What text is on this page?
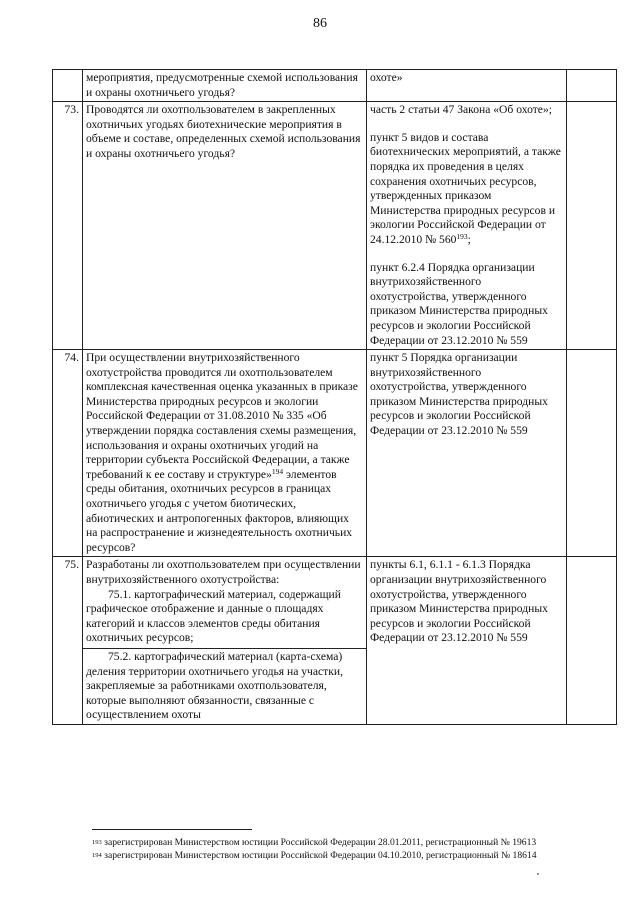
86
	мероприятия, предусмотренные схемой использования и охраны охотничьего угодья?	охоте»	
73.	Проводятся ли охотпользователем в закрепленных охотничьих угодьях биотехнические мероприятия в объеме и составе, определенных схемой использования и охраны охотничьего угодья?	часть 2 статьи 47 Закона «Об охоте»;
пункт 5 видов и состава биотехнических мероприятий, а также порядка их проведения в целях сохранения охотничьих ресурсов, утвержденных приказом Министерства природных ресурсов и экологии Российской Федерации от 24.12.2010 № $560^{193}$;
пункт 6.2.4 Порядка организации внутрихозяйственного охотустройства, утвержденного приказом Министерства природных ресурсов и экологии Российской Федерации от 23.12.2010 № 559	

74.	При осуществлении внутрихозяйственного охотустройства проводится ли охотпользователем комплексная качественная оценка указанных в приказе Министерства природных ресурсов и экологии Российской Федерации от 31.08.2010 № 335 «Об утверждении порядка составления схемы размещения, использования и охраны охотничьих угодий на территории субъекта Российской Федерации, а также требований к ее составу и структуре»$^{194}$ элементов среды обитания, охотничьих ресурсов в границах охотничьего угодья с учетом биотических, абиотических и антропогенных факторов, влияющих на распространение и жизнедеятельность охотничьих ресурсов?	пункт 5 Порядка организации внутрихозяйственного охотустройства, утвержденного приказом Министерства природных ресурсов и экологии Российской Федерации от 23.12.2010 № 559	
75.	Разработаны ли охотпользователем при осуществлении внутрихозяйственного охотустройства:
75.1. картографический материал, содержащий графическое отображение и данные о площадях категорий и классов элементов среды обитания охотничьих ресурсов;
75.2. картографический материал (карта-схема) деления территории охотничьего угодья на участки, закрепляемые за работниками охотпользователя, которые выполняют обязанности, связанные с осуществлением охоты	пункты 6.1, 6.1.1 - 6.1.3 Порядка организации внутрихозяйственного охотустройства, утвержденного приказом Министерства природных ресурсов и экологии Российской Федерации от 23.12.2010 № 559	
$^{193}$ зарегистрирован Министерством юстиции Российской Федерации 28.01.2011, регистрационный № 19613
$^{194}$ зарегистрирован Министерством юстиции Российской Федерации 04.10.2010, регистрационный № 18614
